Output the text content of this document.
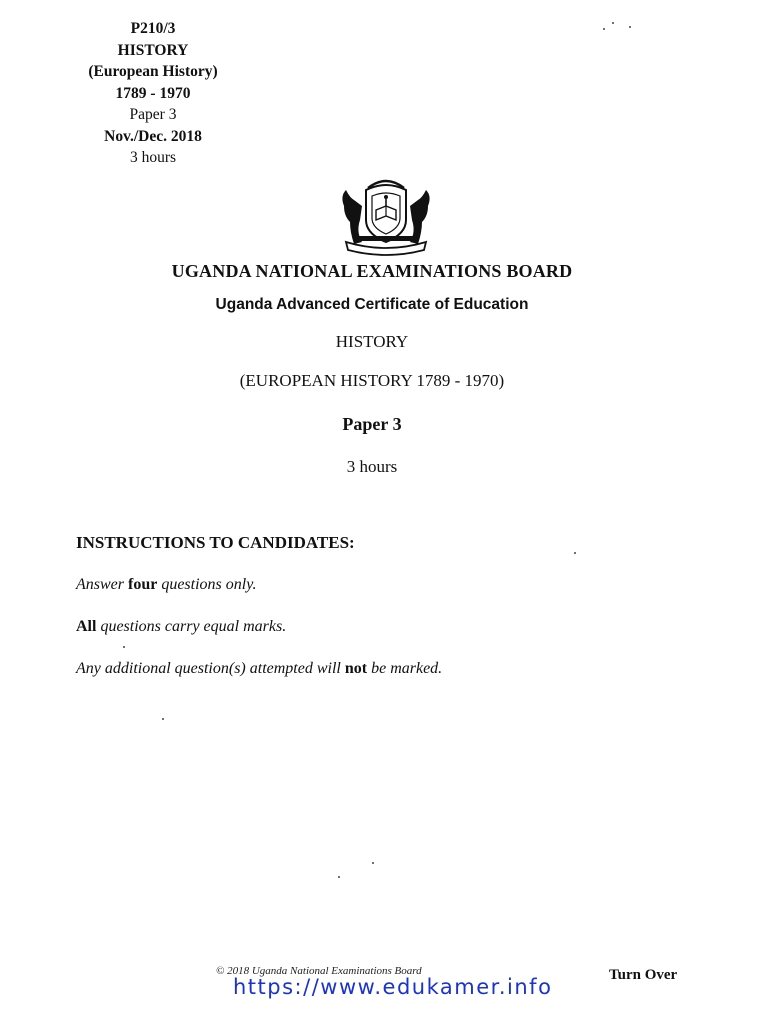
P210/3
HISTORY
(European History)
1789 - 1970
Paper 3
Nov./Dec. 2018
3 hours
UGANDA NATIONAL EXAMINATIONS BOARD
Uganda Advanced Certificate of Education
HISTORY
(EUROPEAN HISTORY 1789 - 1970)
Paper 3
3 hours
INSTRUCTIONS TO CANDIDATES:
Answer four questions only.
All questions carry equal marks.
Any additional question(s) attempted will not be marked.
© 2018 Uganda National Examinations Board	Turn Over
https://www.edukamer.info
